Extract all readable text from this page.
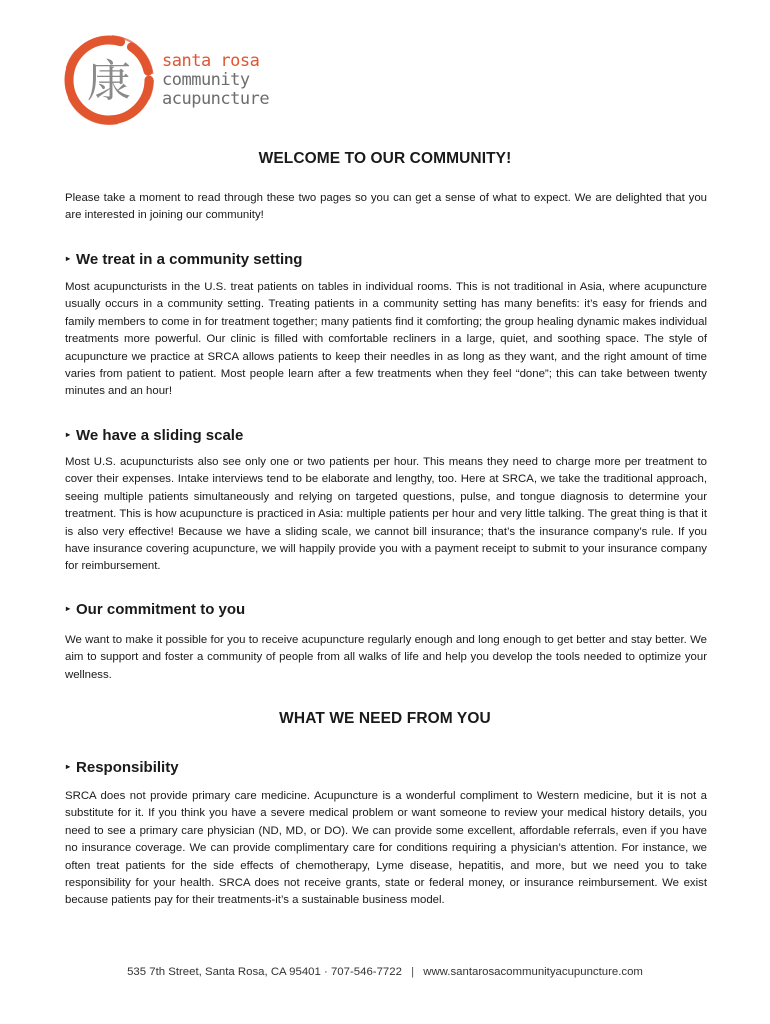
康 santa rosa
community
acupuncture
WELCOME TO OUR COMMUNITY!

Please take a moment to read through these two pages so you can get a sense of what to expect. We are delighted that you are interested in joining our community!

▸ We treat in a community setting

Most acupuncturists in the U.S. treat patients on tables in individual rooms. This is not traditional in Asia, where acupuncture usually occurs in a community setting. Treating patients in a community setting has many benefits: it’s easy for friends and family members to come in for treatment together; many patients find it comforting; the group healing dynamic makes individual treatments more powerful. Our clinic is filled with comfortable recliners in a large, quiet, and soothing space. The style of acupuncture we practice at SRCA allows patients to keep their needles in as long as they want, and the right amount of time varies from patient to patient. Most people learn after a few treatments when they feel “done”; this can take between twenty minutes and an hour!

▸ We have a sliding scale

Most U.S. acupuncturists also see only one or two patients per hour. This means they need to charge more per treatment to cover their expenses. Intake interviews tend to be elaborate and lengthy, too. Here at SRCA, we take the traditional approach, seeing multiple patients simultaneously and relying on targeted questions, pulse, and tongue diagnosis to determine your treatment. This is how acupuncture is practiced in Asia: multiple patients per hour and very little talking. The great thing is that it is also very effective! Because we have a sliding scale, we cannot bill insurance; that’s the insurance company’s rule. If you have insurance covering acupuncture, we will happily provide you with a payment receipt to submit to your insurance company for reimbursement.

▸ Our commitment to you

We want to make it possible for you to receive acupuncture regularly enough and long enough to get better and stay better. We aim to support and foster a community of people from all walks of life and help you develop the tools needed to optimize your wellness.

WHAT WE NEED FROM YOU
▸ Responsibility

SRCA does not provide primary care medicine. Acupuncture is a wonderful compliment to Western medicine, but it is not a substitute for it. If you think you have a severe medical problem or want someone to review your medical history details, you need to see a primary care physician (ND, MD, or DO). We can provide some excellent, affordable referrals, even if you have no insurance coverage. We can provide complimentary care for conditions requiring a physician’s attention. For instance, we often treat patients for the side effects of chemotherapy, Lyme disease, hepatitis, and more, but we need you to take responsibility for your health. SRCA does not receive grants, state or federal money, or insurance reimbursement. We exist because patients pay for their treatments-it’s a sustainable business model.

535 7th Street, Santa Rosa, CA 95401 · 707-546-7722 | www.santarosacommunityacupuncture.com
